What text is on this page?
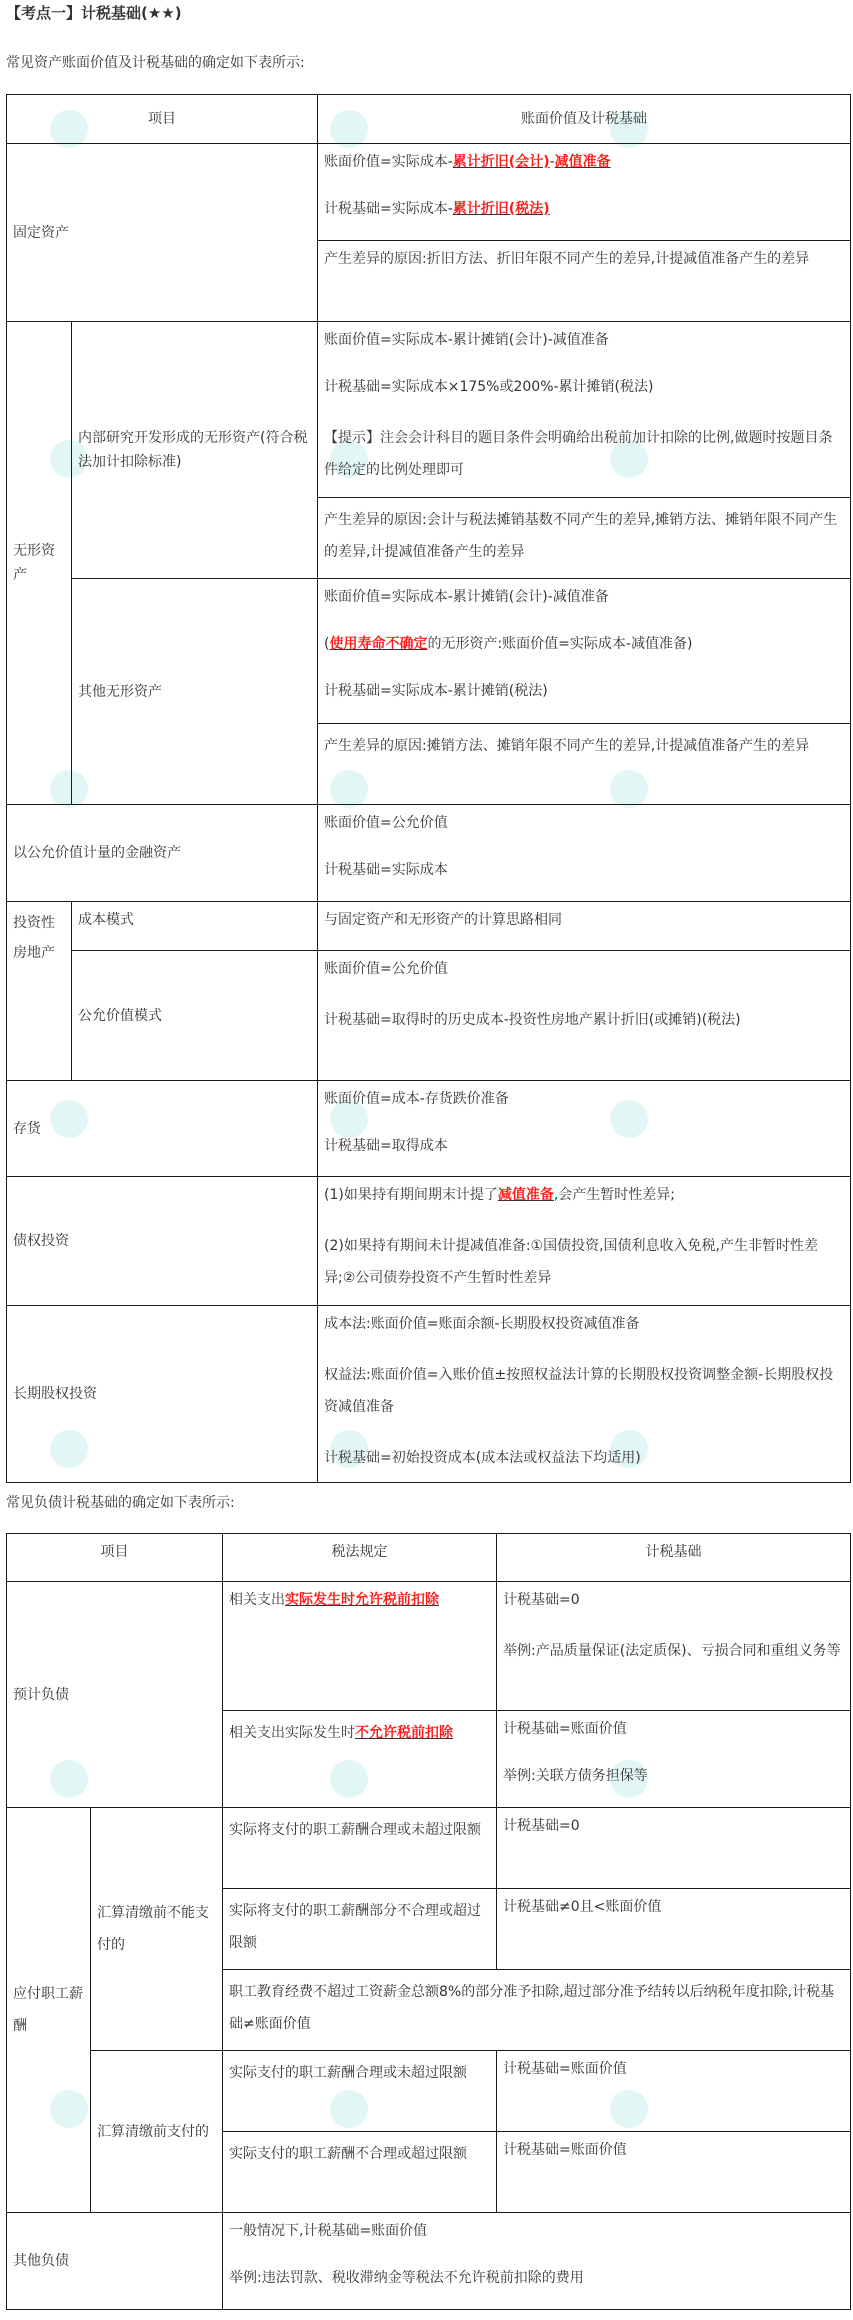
【考点一】计税基础(★★)
常见资产账面价值及计税基础的确定如下表所示:
项目		账面价值及计税基础
固定资产		账面价值=实际成本-累计折旧(会计)-减值准备

计税基础=实际成本-累计折旧(税法)

		产生差异的原因:折旧方法、折旧年限不同产生的差异,计提减值准备产生的差异
无形资产	内部研究开发形成的无形资产(符合税法加计扣除标准)	账面价值=实际成本-累计摊销(会计)-减值准备

计税基础=实际成本×175%或200%-累计摊销(税法)

【提示】注会会计科目的题目条件会明确给出税前加计扣除的比例,做题时按题目条件给定的比例处理即可

		产生差异的原因:会计与税法摊销基数不同产生的差异,摊销方法、摊销年限不同产生的差异,计提减值准备产生的差异
	其他无形资产	账面价值=实际成本-累计摊销(会计)-减值准备

(使用寿命不确定的无形资产:账面价值=实际成本-减值准备)

计税基础=实际成本-累计摊销(税法)

		产生差异的原因:摊销方法、摊销年限不同产生的差异,计提减值准备产生的差异
以公允价值计量的金融资产		账面价值=公允价值

计税基础=实际成本

投资性房地产	成本模式	与固定资产和无形资产的计算思路相同
	公允价值模式	账面价值=公允价值

计税基础=取得时的历史成本-投资性房地产累计折旧(或摊销)(税法)

存货		账面价值=成本-存货跌价准备

计税基础=取得成本

债权投资		(1)如果持有期间期末计提了减值准备,会产生暂时性差异;

(2)如果持有期间未计提减值准备:①国债投资,国债利息收入免税,产生非暂时性差异;②公司债券投资不产生暂时性差异

长期股权投资		成本法:账面价值=账面余额-长期股权投资减值准备

权益法:账面价值=入账价值±按照权益法计算的长期股权投资调整金额-长期股权投资减值准备

计税基础=初始投资成本(成本法或权益法下均适用)

常见负债计税基础的确定如下表所示:
项目		税法规定	计税基础
预计负债		相关支出实际发生时允许税前扣除	计税基础=0

举例:产品质量保证(法定质保)、亏损合同和重组义务等

		相关支出实际发生时不允许税前扣除	计税基础=账面价值

举例:关联方债务担保等

应付职工薪酬	汇算清缴前不能支付的	实际将支付的职工薪酬合理或未超过限额	计税基础=0
		实际将支付的职工薪酬部分不合理或超过限额	计税基础≠0且<账面价值
		职工教育经费不超过工资薪金总额8%的部分准予扣除,超过部分准予结转以后纳税年度扣除,计税基础≠账面价值	
	汇算清缴前支付的	实际支付的职工薪酬合理或未超过限额	计税基础=账面价值
		实际支付的职工薪酬不合理或超过限额	计税基础=账面价值
其他负债		一般情况下,计税基础=账面价值

举例:违法罚款、税收滞纳金等税法不允许税前扣除的费用	
